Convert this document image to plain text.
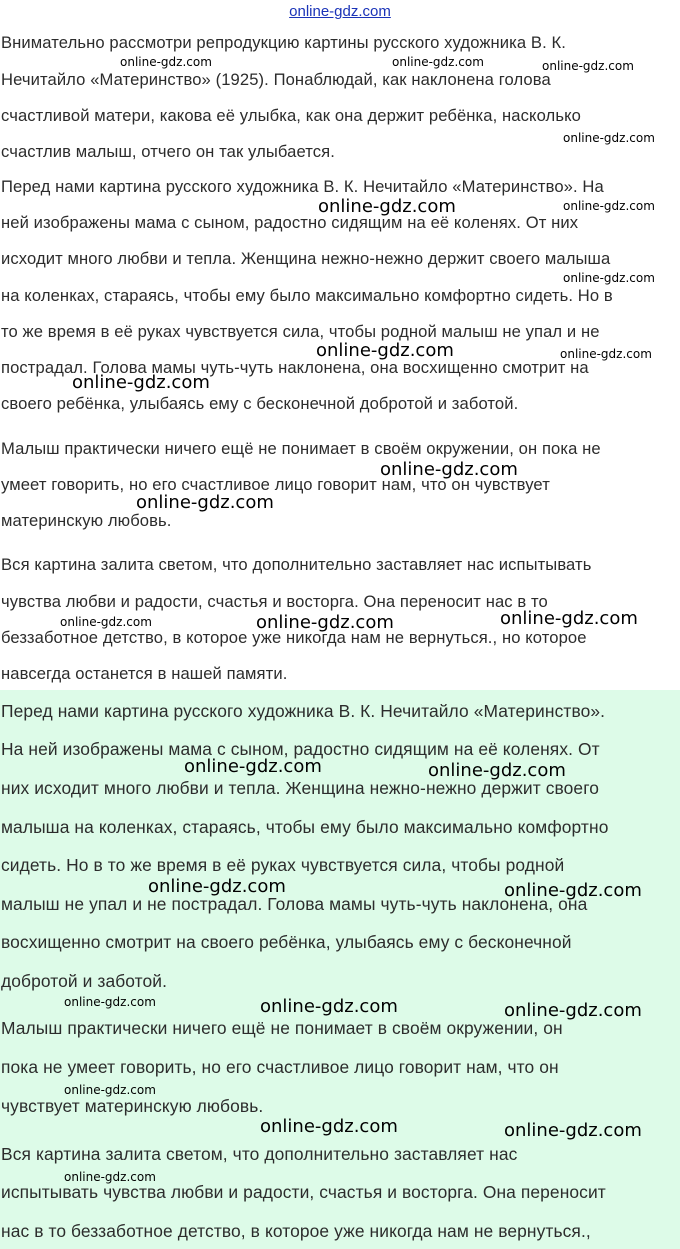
online-gdz.com
Внимательно рассмотри репродукцию картины русского художника В. К.
Нечитайло «Материнство» (1925). Понаблюдай, как наклонена голова
счастливой матери, какова её улыбка, как она держит ребёнка, насколько
счастлив малыш, отчего он так улыбается.
Перед нами картина русского художника В. К. Нечитайло «Материнство». На
ней изображены мама с сыном, радостно сидящим на её коленях. От них
исходит много любви и тепла. Женщина нежно-нежно держит своего малыша
на коленках, стараясь, чтобы ему было максимально комфортно сидеть. Но в
то же время в её руках чувствуется сила, чтобы родной малыш не упал и не
пострадал. Голова мамы чуть-чуть наклонена, она восхищенно смотрит на
своего ребёнка, улыбаясь ему с бесконечной добротой и заботой.
Малыш практически ничего ещё не понимает в своём окружении, он пока не
умеет говорить, но его счастливое лицо говорит нам, что он чувствует
материнскую любовь.
Вся картина залита светом, что дополнительно заставляет нас испытывать
чувства любви и радости, счастья и восторга. Она переносит нас в то
беззаботное детство, в которое уже никогда нам не вернуться., но которое
навсегда останется в нашей памяти.
Перед нами картина русского художника В. К. Нечитайло «Материнство».
На ней изображены мама с сыном, радостно сидящим на её коленях. От
них исходит много любви и тепла. Женщина нежно-нежно держит своего
малыша на коленках, стараясь, чтобы ему было максимально комфортно
сидеть. Но в то же время в её руках чувствуется сила, чтобы родной
малыш не упал и не пострадал. Голова мамы чуть-чуть наклонена, она
восхищенно смотрит на своего ребёнка, улыбаясь ему с бесконечной
добротой и заботой.
Малыш практически ничего ещё не понимает в своём окружении, он
пока не умеет говорить, но его счастливое лицо говорит нам, что он
чувствует материнскую любовь.
Вся картина залита светом, что дополнительно заставляет нас
испытывать чувства любви и радости, счастья и восторга. Она переносит
нас в то беззаботное детство, в которое уже никогда нам не вернуться.,
online-gdz.com	online-gdz.com	online-gdz.com
online-gdz.com
online-gdz.com	online-gdz.com
online-gdz.com
online-gdz.com	online-gdz.com
online-gdz.com
online-gdz.com
online-gdz.com
online-gdz.com
online-gdz.com	online-gdz.com
online-gdz.com	online-gdz.com
online-gdz.com	online-gdz.com
online-gdz.com	online-gdz.com	online-gdz.com
online-gdz.com
online-gdz.com	online-gdz.com
online-gdz.com
